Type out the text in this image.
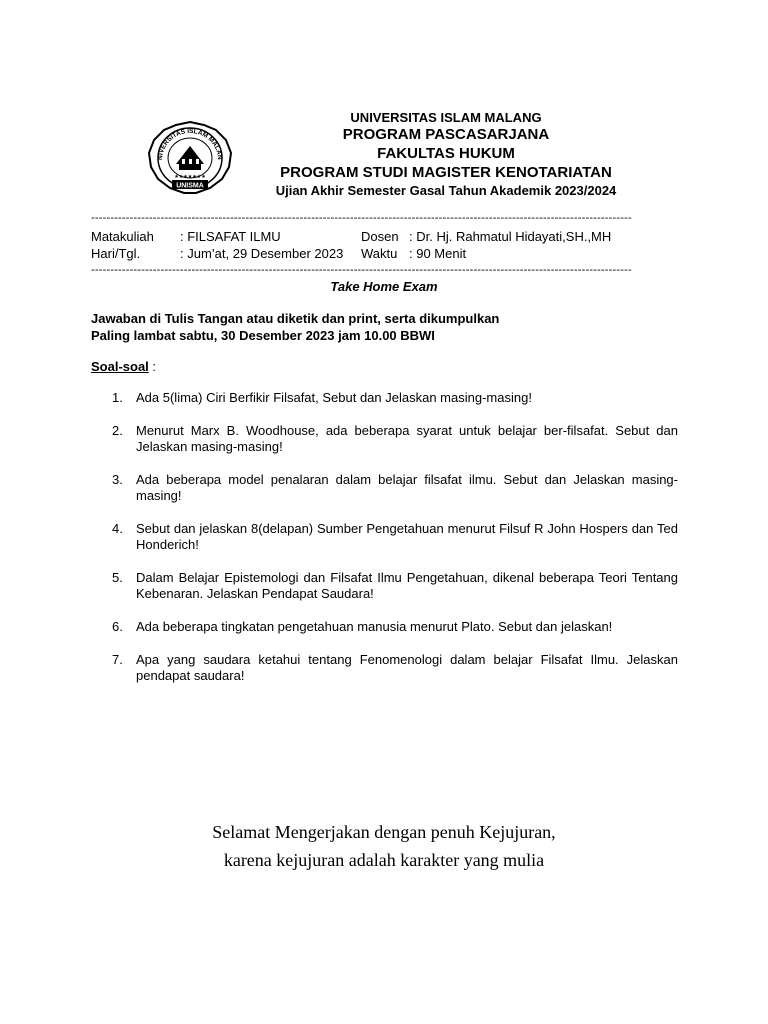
NIVERSITAS ISLAM MALAN
★★★★★★★
UNISMA
UNIVERSITAS ISLAM MALANG
PROGRAM PASCASARJANA
FAKULTAS HUKUM
PROGRAM STUDI MAGISTER KENOTARIATAN
Ujian Akhir Semester Gasal Tahun Akademik 2023/2024
--------------------------------------------------------------------------------------------------------------------------------------------
--------------------------------------------------------------------------------------------------------------------------------------------
Matakuliah : FILSAFAT ILMU	Dosen : Dr. Hj. Rahmatul Hidayati,SH.,MH
Hari/Tgl.	: Jum’at, 29 Desember 2023 Waktu : 90 Menit
Take Home Exam
Jawaban di Tulis Tangan atau diketik dan print, serta dikumpulkan
Paling lambat sabtu, 30 Desember 2023 jam 10.00 BBWI
Soal-soal :
1. Ada 5(lima) Ciri Berfikir Filsafat, Sebut dan Jelaskan masing-masing!
2. Menurut Marx B. Woodhouse, ada beberapa syarat untuk belajar ber-filsafat. Sebut dan Jelaskan masing-masing!
3. Ada beberapa model penalaran dalam belajar filsafat ilmu. Sebut dan Jelaskan masing-masing!
4. Sebut dan jelaskan 8(delapan) Sumber Pengetahuan menurut Filsuf R John Hospers dan Ted Honderich!
5. Dalam Belajar Epistemologi dan Filsafat Ilmu Pengetahuan, dikenal beberapa Teori Tentang Kebenaran. Jelaskan Pendapat Saudara!
6. Ada beberapa tingkatan pengetahuan manusia menurut Plato. Sebut dan jelaskan!
7. Apa yang saudara ketahui tentang Fenomenologi dalam belajar Filsafat Ilmu. Jelaskan pendapat saudara!
Selamat Mengerjakan dengan penuh Kejujuran,
karena kejujuran adalah karakter yang mulia
